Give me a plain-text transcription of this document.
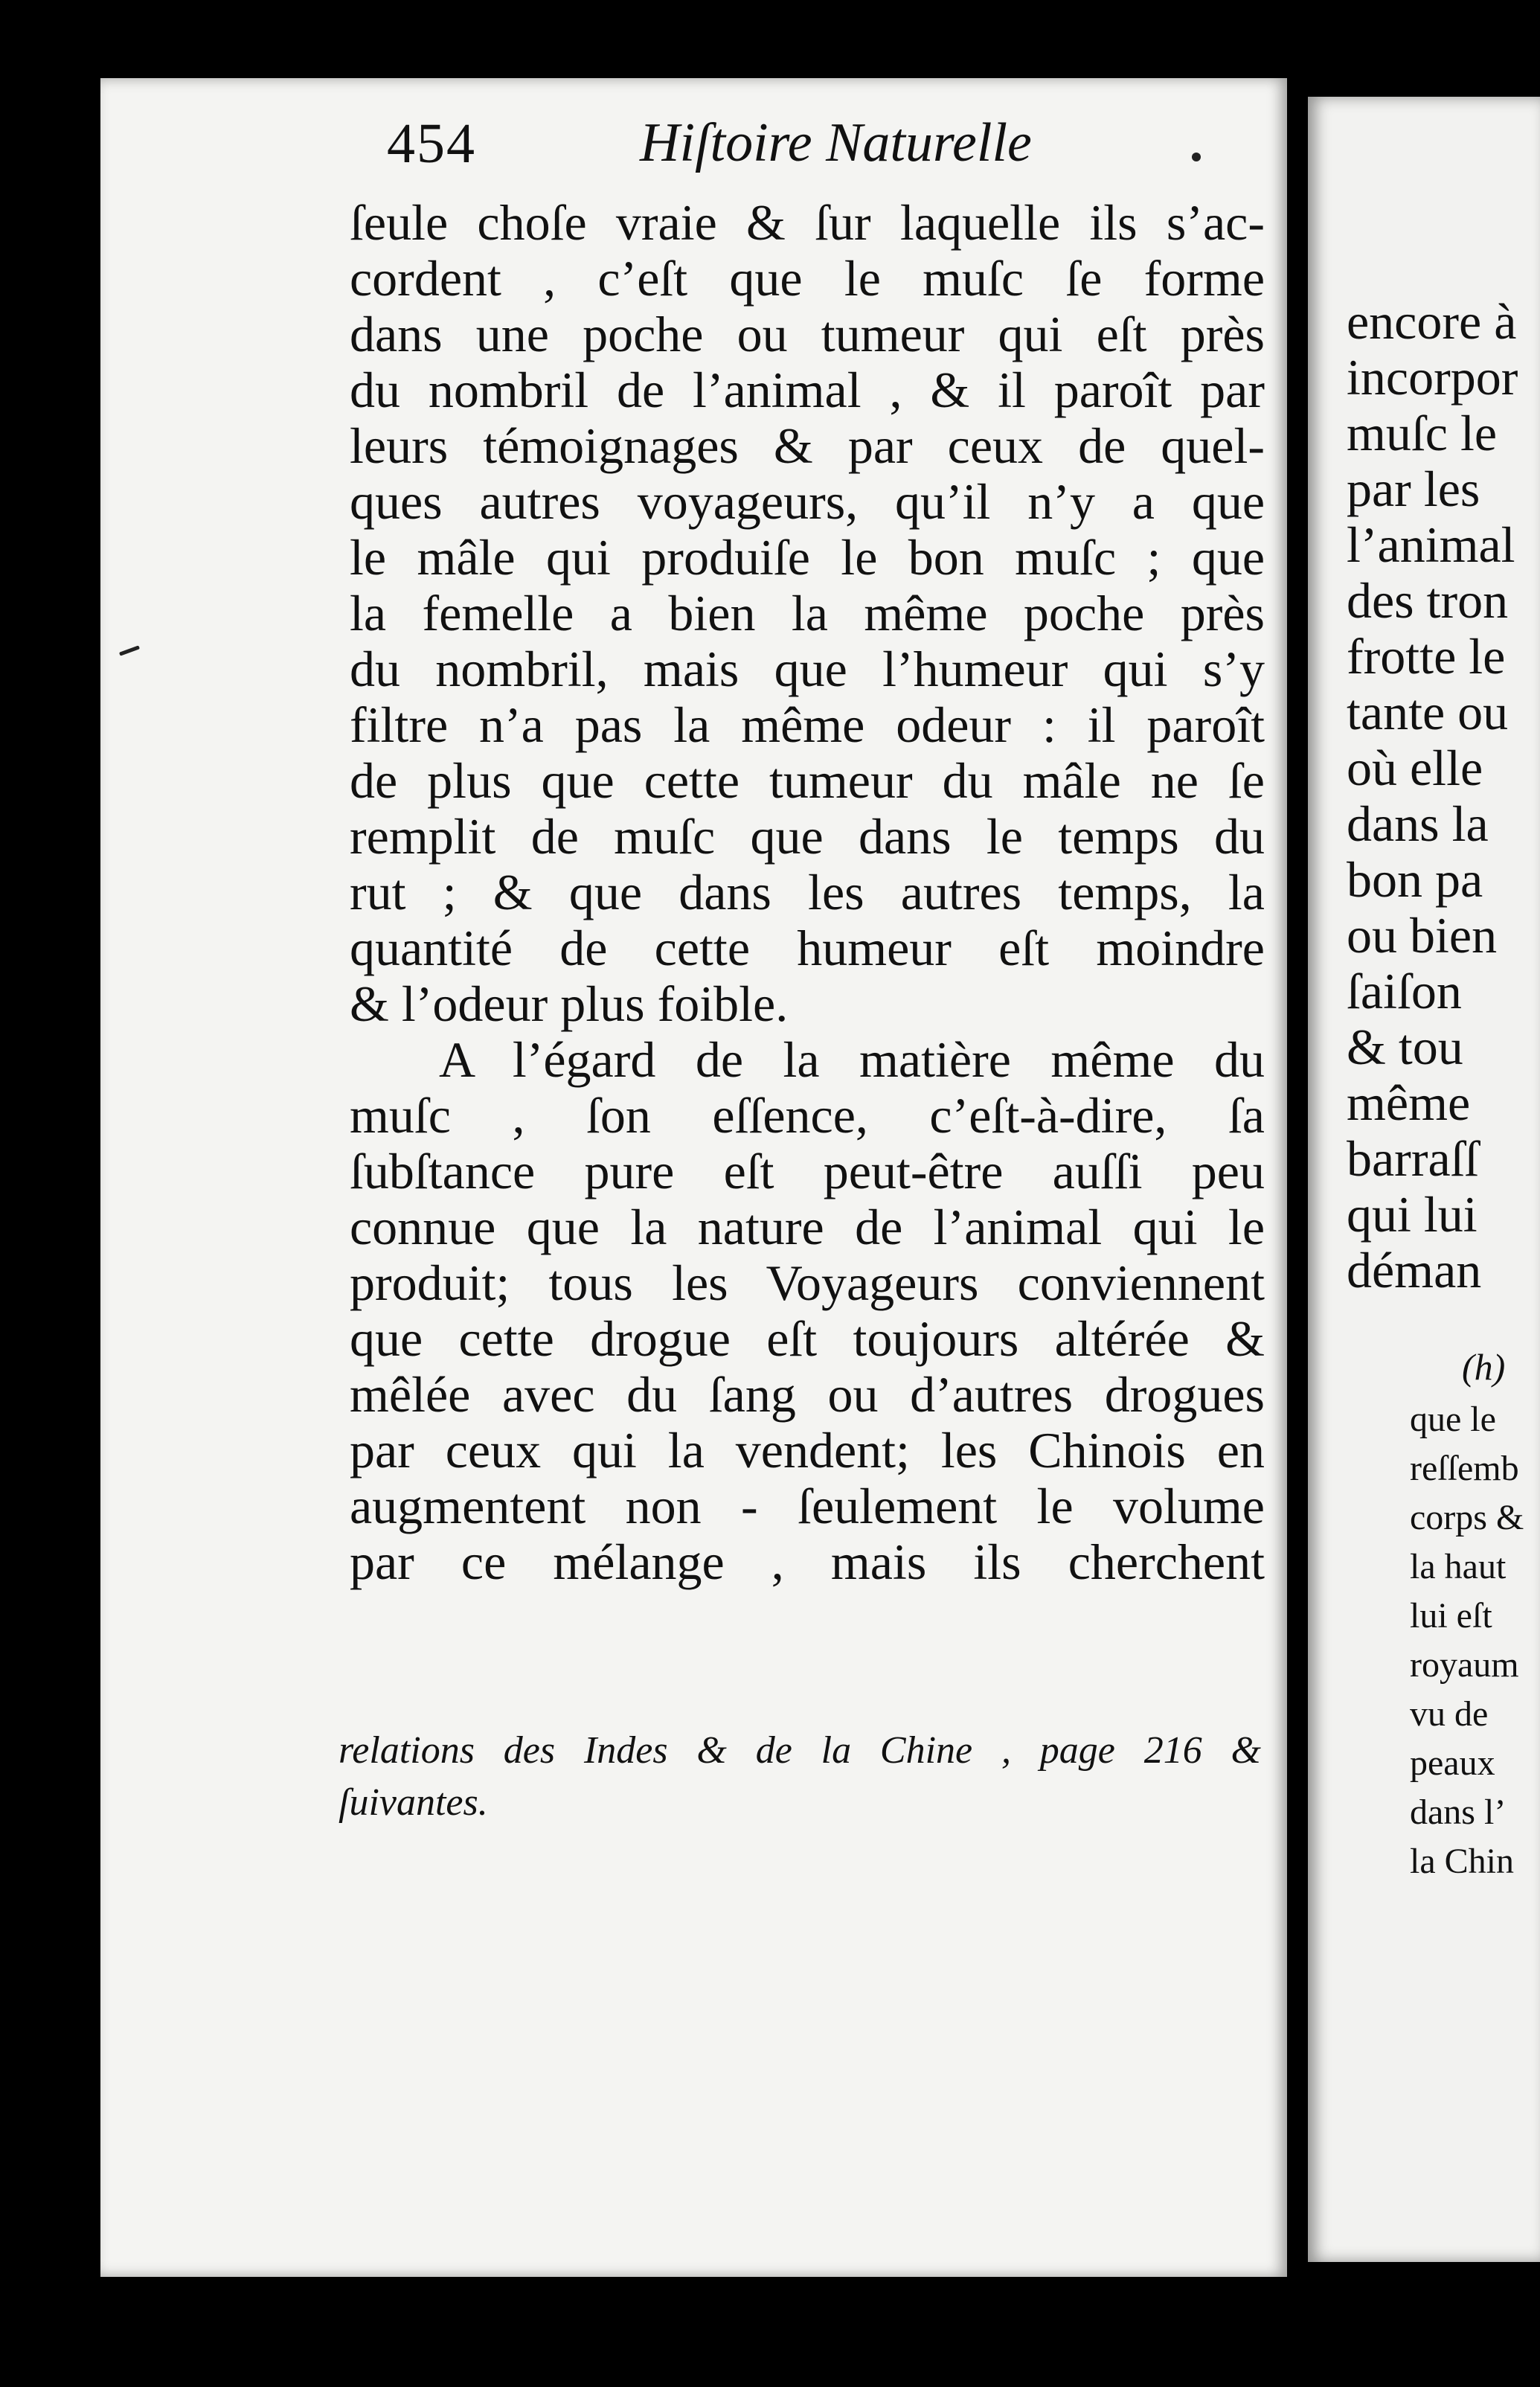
454	Hiſtoire Naturelle
ſeule choſe vraie & ſur laquelle ils s’ac-
cordent , c’eſt que le muſc ſe forme
dans une poche ou tumeur qui eſt près
du nombril de l’animal , & il paroît par
leurs témoignages & par ceux de quel-
ques autres voyageurs, qu’il n’y a que
le mâle qui produiſe le bon muſc ; que
la femelle a bien la même poche près
du nombril, mais que l’humeur qui s’y
filtre n’a pas la même odeur : il paroît
de plus que cette tumeur du mâle ne ſe
remplit de muſc que dans le temps du
rut ; & que dans les autres temps, la
quantité de cette humeur eſt moindre
& l’odeur plus foible.
A l’égard de la matière même du
muſc , ſon eſſence, c’eſt-à-dire, ſa
ſubſtance pure eſt peut-être auſſi peu
connue que la nature de l’animal qui le
produit; tous les Voyageurs conviennent
que cette drogue eſt toujours altérée &
mêlée avec du ſang ou d’autres drogues
par ceux qui la vendent; les Chinois en
augmentent non - ſeulement le volume
par ce mélange , mais ils cherchent
relations des Indes & de la Chine , page 216 &
ſuivantes.
encore à
incorpor
muſc le
par les
l’animal
des tron
frotte le
tante ou
où elle
dans la
bon pa
ou bien
ſaiſon
& tou
même
barraſſ
qui lui
déman
(h)
que le
reſſemb
corps &
la haut
lui eſt
royaum
vu de
peaux
dans l’
la Chin
